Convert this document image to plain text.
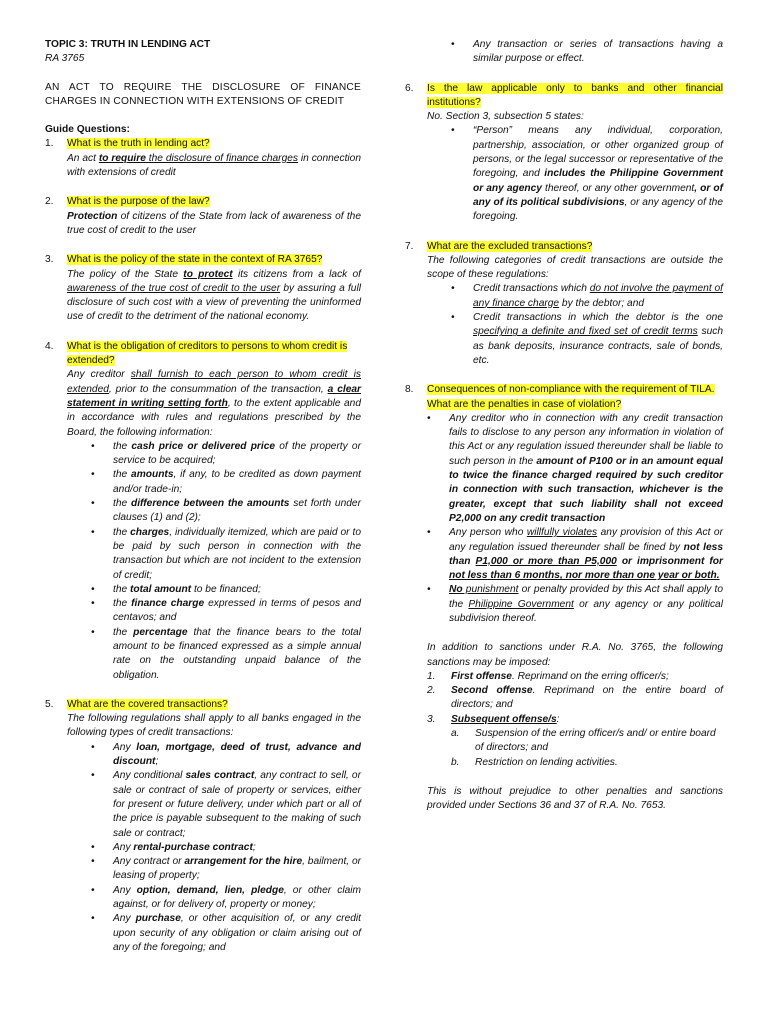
TOPIC 3: TRUTH IN LENDING ACT

RA 3765

AN ACT TO REQUIRE THE DISCLOSURE OF FINANCE CHARGES IN CONNECTION WITH EXTENSIONS OF CREDIT

Guide Questions:

1.	What is the truth in lending act?

An act to require the disclosure of finance charges in connection with extensions of credit

2.	What is the purpose of the law?

Protection of citizens of the State from lack of awareness of the true cost of credit to the user

3.	What is the policy of the state in the context of RA 3765?

The policy of the State to protect its citizens from a lack of awareness of the true cost of credit to the user by assuring a full disclosure of such cost with a view of preventing the uninformed use of credit to the detriment of the national economy.

4.	What is the obligation of creditors to persons to whom credit is extended?

Any creditor shall furnish to each person to whom credit is extended, prior to the consummation of the transaction, a clear statement in writing setting forth, to the extent applicable and in accordance with rules and regulations prescribed by the Board, the following information:

• the cash price or delivered price of the property or service to be acquired;
• the amounts, if any, to be credited as down payment and/or trade-in;
• the difference between the amounts set forth under clauses (1) and (2);
• the charges, individually itemized, which are paid or to be paid by such person in connection with the transaction but which are not incident to the extension of credit;
• the total amount to be financed;
• the finance charge expressed in terms of pesos and centavos; and
• the percentage that the finance bears to the total amount to be financed expressed as a simple annual rate on the outstanding unpaid balance of the obligation.
5.	What are the covered transactions?

The following regulations shall apply to all banks engaged in the following types of credit transactions:

• Any loan, mortgage, deed of trust, advance and discount;
• Any conditional sales contract, any contract to sell, or sale or contract of sale of property or services, either for present or future delivery, under which part or all of the price is payable subsequent to the making of such sale or contract;
• Any rental-purchase contract;
• Any contract or arrangement for the hire, bailment, or leasing of property;
• Any option, demand, lien, pledge, or other claim against, or for delivery of, property or money;
• Any purchase, or other acquisition of, or any credit upon security of any obligation or claim arising out of any of the foregoing; and
• Any transaction or series of transactions having a similar purpose or effect.
6.	Is the law applicable only to banks and other financial institutions?

No. Section 3, subsection 5 states:

• “Person” means any individual, corporation, partnership, association, or other organized group of persons, or the legal successor or representative of the foregoing, and includes the Philippine Government or any agency thereof, or any other government, or of any of its political subdivisions, or any agency of the foregoing.
7.	What are the excluded transactions?

The following categories of credit transactions are outside the scope of these regulations:

• Credit transactions which do not involve the payment of any finance charge by the debtor; and
• Credit transactions in which the debtor is the one specifying a definite and fixed set of credit terms such as bank deposits, insurance contracts, sale of bonds, etc.
8.	Consequences of non-compliance with the requirement of TILA. What are the penalties in case of violation?
• Any creditor who in connection with any credit transaction fails to disclose to any person any information in violation of this Act or any regulation issued thereunder shall be liable to such person in the amount of P100 or in an amount equal to twice the finance charged required by such creditor in connection with such transaction, whichever is the greater, except that such liability shall not exceed P2,000 on any credit transaction
• Any person who willfully violates any provision of this Act or any regulation issued thereunder shall be fined by not less than P1,000 or more than P5,000 or imprisonment for not less than 6 months, nor more than one year or both.
• No punishment or penalty provided by this Act shall apply to the Philippine Government or any agency or any political subdivision thereof.

In addition to sanctions under R.A. No. 3765, the following sanctions may be imposed:

1.	First offense. Reprimand on the erring officer/s;
2.	Second offense. Reprimand on the entire board of directors; and
3.	Subsequent offense/s:
a.	Suspension of the erring officer/s and/ or entire board of directors; and
b.	Restriction on lending activities.

This is without prejudice to other penalties and sanctions provided under Sections 36 and 37 of R.A. No. 7653.
